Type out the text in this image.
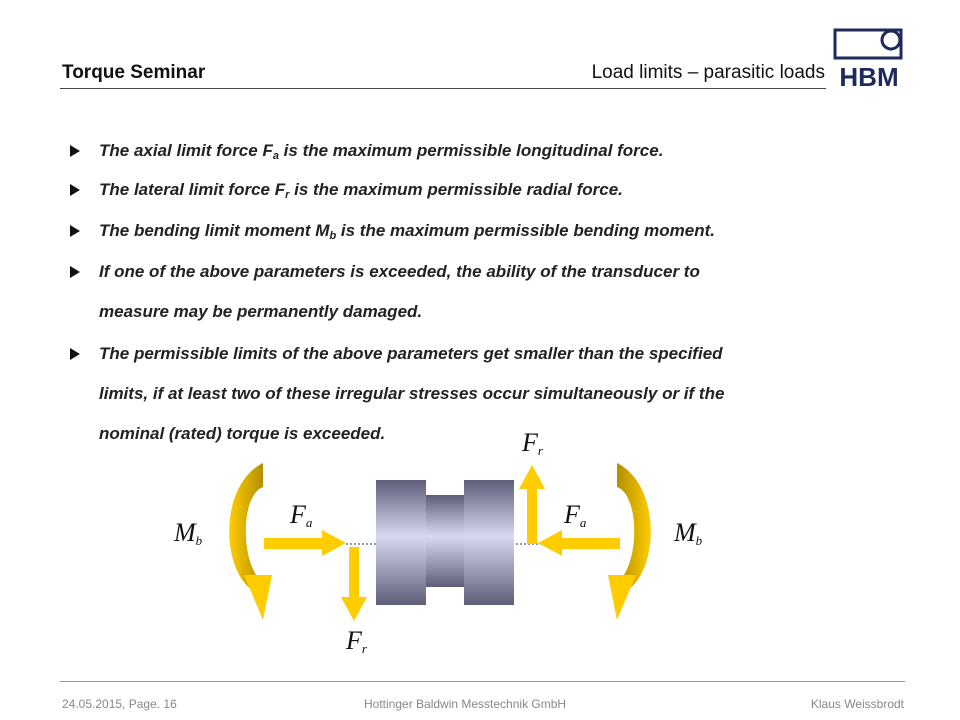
Torque Seminar	Load limits – parasitic loads HBM
The axial limit force $F_a$ is the maximum permissible longitudinal force.
The lateral limit force $F_r$ is the maximum permissible radial force.
The bending limit moment $M_b$ is the maximum permissible bending moment.
If one of the above parameters is exceeded, the ability of the transducer to
measure may be permanently damaged.
The permissible limits of the above parameters get smaller than the specified
limits, if at least two of these irregular stresses occur simultaneously or if the
nominal (rated) torque is exceeded.
Mb
Fa
Fr
Fr
Fa	Mb
24.05.2015, Page. 16	Hottinger Baldwin Messtechnik GmbH	Klaus Weissbrodt
